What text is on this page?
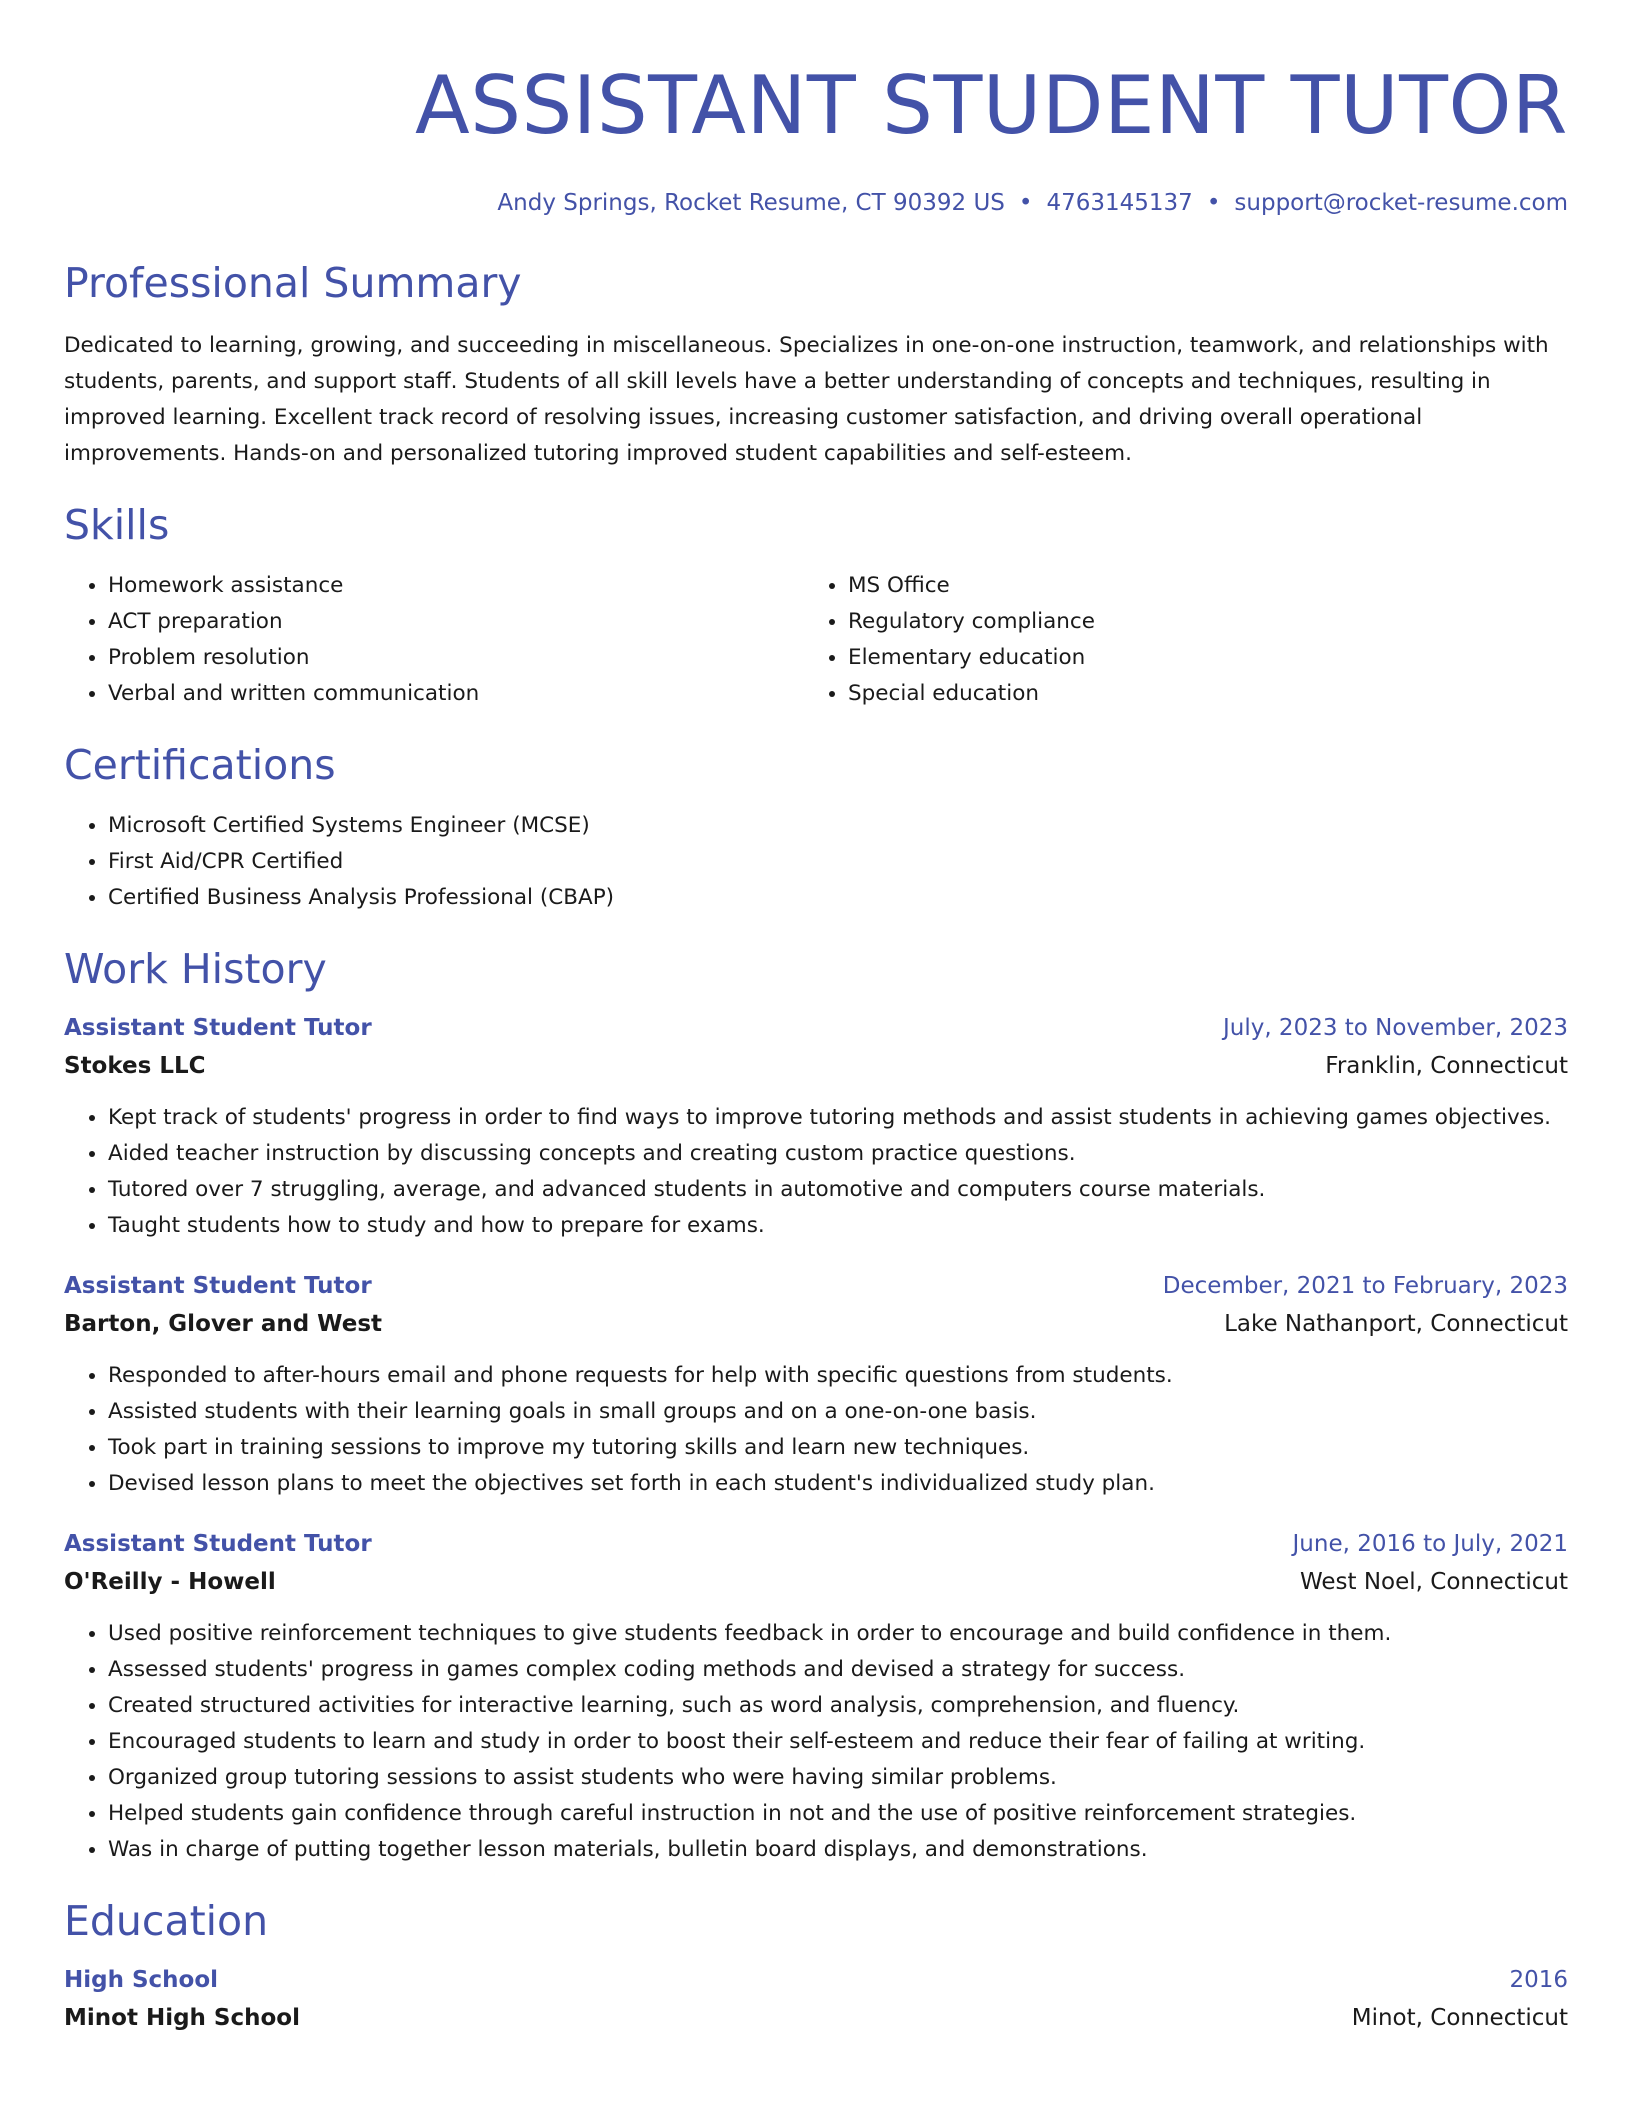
ASSISTANT STUDENT TUTOR
Andy Springs, Rocket Resume, CT 90392 US • 4763145137 • support@rocket-resume.com
Professional Summary
Dedicated to learning, growing, and succeeding in miscellaneous. Specializes in one-on-one instruction, teamwork, and relationships with students, parents, and support staff. Students of all skill levels have a better understanding of concepts and techniques, resulting in improved learning. Excellent track record of resolving issues, increasing customer satisfaction, and driving overall operational improvements. Hands-on and personalized tutoring improved student capabilities and self-esteem.
Skills
• Homework assistance
• ACT preparation
• Problem resolution
• Verbal and written communication
• MS Office
• Regulatory compliance
• Elementary education
• Special education
Certifications
• Microsoft Certified Systems Engineer (MCSE)
• First Aid/CPR Certified
• Certified Business Analysis Professional (CBAP)
Work History
Assistant Student Tutor	July, 2023 to November, 2023
Stokes LLC	Franklin, Connecticut
• Kept track of students' progress in order to find ways to improve tutoring methods and assist students in achieving games objectives.
• Aided teacher instruction by discussing concepts and creating custom practice questions.
• Tutored over 7 struggling, average, and advanced students in automotive and computers course materials.
• Taught students how to study and how to prepare for exams.
Assistant Student Tutor	December, 2021 to February, 2023
Barton, Glover and West	Lake Nathanport, Connecticut
• Responded to after-hours email and phone requests for help with specific questions from students.
• Assisted students with their learning goals in small groups and on a one-on-one basis.
• Took part in training sessions to improve my tutoring skills and learn new techniques.
• Devised lesson plans to meet the objectives set forth in each student's individualized study plan.
Assistant Student Tutor	June, 2016 to July, 2021
O'Reilly - Howell	West Noel, Connecticut
• Used positive reinforcement techniques to give students feedback in order to encourage and build confidence in them.
• Assessed students' progress in games complex coding methods and devised a strategy for success.
• Created structured activities for interactive learning, such as word analysis, comprehension, and fluency.
• Encouraged students to learn and study in order to boost their self-esteem and reduce their fear of failing at writing.
• Organized group tutoring sessions to assist students who were having similar problems.
• Helped students gain confidence through careful instruction in not and the use of positive reinforcement strategies.
• Was in charge of putting together lesson materials, bulletin board displays, and demonstrations.
Education
High School	2016
Minot High School	Minot, Connecticut
